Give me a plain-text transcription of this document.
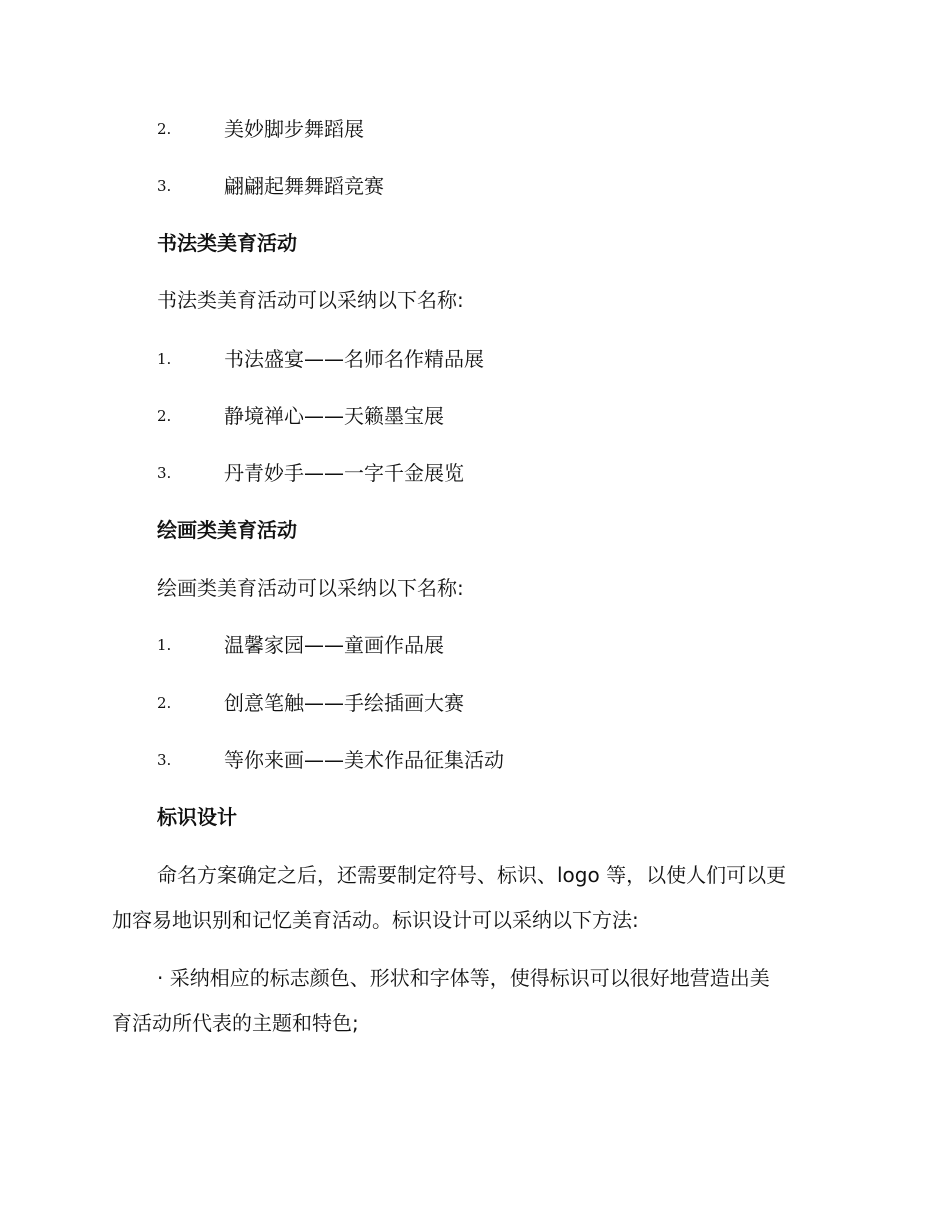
2.	美妙脚步舞蹈展
3.	翩翩起舞舞蹈竞赛
书法类美育活动
书法类美育活动可以采纳以下名称:
1.	书法盛宴——名师名作精品展
2.	静境禅心——天籁墨宝展
3.	丹青妙手——一字千金展览
绘画类美育活动
绘画类美育活动可以采纳以下名称:
1.	温馨家园——童画作品展
2.	创意笔触——手绘插画大赛
3.	等你来画——美术作品征集活动
标识设计
命名方案确定之后，还需要制定符号、标识、logo 等，以使人们可以更
加容易地识别和记忆美育活动。标识设计可以采纳以下方法:
· 采纳相应的标志颜色、形状和字体等，使得标识可以很好地营造出美
育活动所代表的主题和特色;
